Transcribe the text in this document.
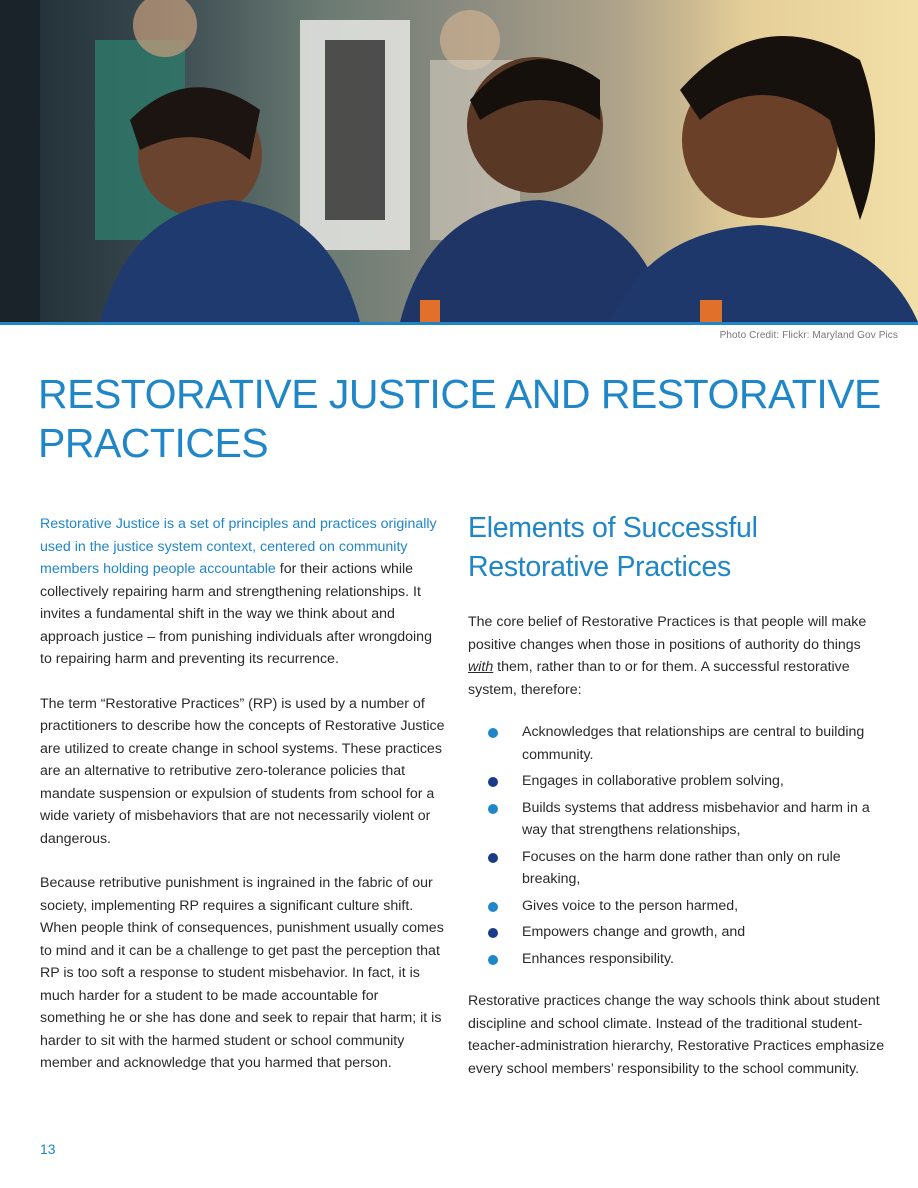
Photo Credit: Flickr: Maryland Gov Pics
RESTORATIVE JUSTICE AND RESTORATIVE PRACTICES

Restorative Justice is a set of principles and practices originally used in the justice system context, centered on community members holding people accountable for their actions while collectively repairing harm and strengthening relationships. It invites a fundamental shift in the way we think about and approach justice – from punishing individuals after wrongdoing to repairing harm and preventing its recurrence.

The term “Restorative Practices” (RP) is used by a number of practitioners to describe how the concepts of Restorative Justice are utilized to create change in school systems. These practices are an alternative to retributive zero-tolerance policies that mandate suspension or expulsion of students from school for a wide variety of misbehaviors that are not necessarily violent or dangerous.

Because retributive punishment is ingrained in the fabric of our society, implementing RP requires a significant culture shift. When people think of consequences, punishment usually comes to mind and it can be a challenge to get past the perception that RP is too soft a response to student misbehavior. In fact, it is much harder for a student to be made accountable for something he or she has done and seek to repair that harm; it is harder to sit with the harmed student or school community member and acknowledge that you harmed that person.

Elements of Successful Restorative Practices

The core belief of Restorative Practices is that people will make positive changes when those in positions of authority do things with them, rather than to or for them. A successful restorative system, therefore:

Acknowledges that relationships are central to building community.
Engages in collaborative problem solving,
Builds systems that address misbehavior and harm in a way that strengthens relationships,
Focuses on the harm done rather than only on rule breaking,
Gives voice to the person harmed,
Empowers change and growth, and
Enhances responsibility.

Restorative practices change the way schools think about student discipline and school climate. Instead of the traditional student-teacher-administration hierarchy, Restorative Practices emphasize every school members’ responsibility to the school community.

13
